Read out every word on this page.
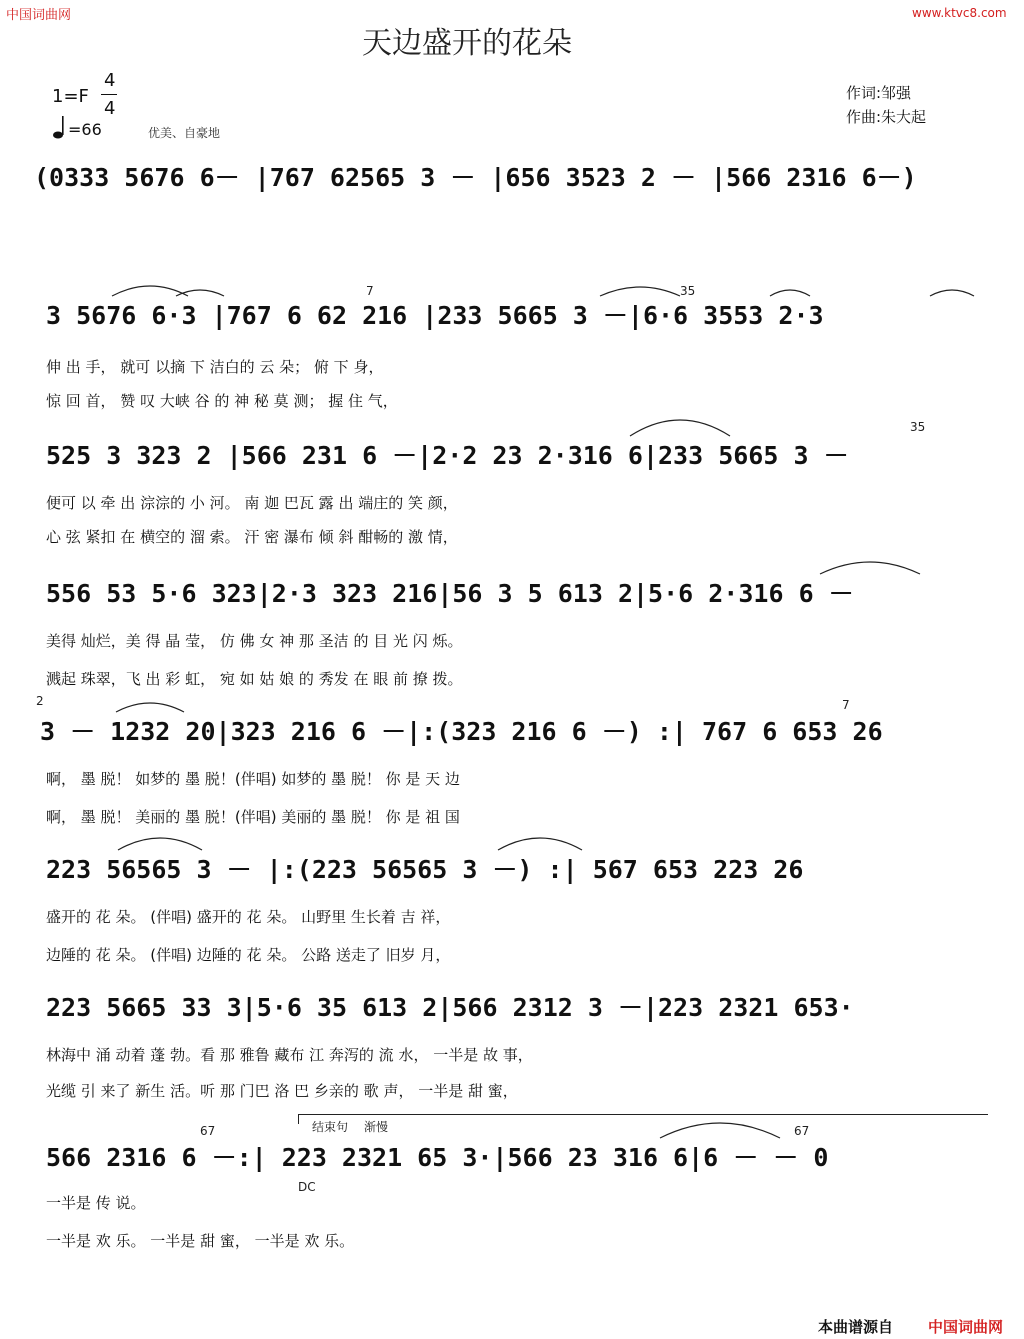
中国词曲网	www.ktvc8.com
天边盛开的花朵
1=F
4
4
=66	优美、自豪地
作词:邹强
作曲:朱大起
(0333 5676 6－ |767 62565 3 － |656 3523 2 － |566 2316 6－)
3 5676 6·3 |767 6 62 216 |233 5665 3 －|6·6 3553 2·3
伸 出 手， 就可 以摘 下 洁白的 云 朵； 俯 下 身，
惊 回 首， 赞 叹 大峡 谷 的 神 秘 莫 测； 握 住 气，
525 3 323 2 |566 231 6 －|2·2 23 2·316 6|233 5665 3 －
便可 以 牵 出 淙淙的 小 河。 南 迦 巴瓦 露 出 端庄的 笑 颜，
心 弦 紧扣 在 横空的 溜 索。 汗 密 瀑布 倾 斜 酣畅的 激 情，
556 53 5·6 323|2·3 323 216|56 3 5 613 2|5·6 2·316 6 －
美得 灿烂，美 得 晶 莹， 仿 佛 女 神 那 圣洁 的 目 光 闪 烁。
溅起 珠翠，飞 出 彩 虹， 宛 如 姑 娘 的 秀发 在 眼 前 撩 拨。
3 － 1232 20|323 216 6 －|:(323 216 6 －) :| 767 6 653 26
啊， 墨 脱！ 如梦的 墨 脱！(伴唱) 如梦的 墨 脱！ 你 是 天 边
啊， 墨 脱！ 美丽的 墨 脱！(伴唱) 美丽的 墨 脱！ 你 是 祖 国
223 56565 3 － |:(223 56565 3 －) :| 567 653 223 26
盛开的 花 朵。 (伴唱) 盛开的 花 朵。 山野里 生长着 吉 祥，
边陲的 花 朵。 (伴唱) 边陲的 花 朵。 公路 送走了 旧岁 月，
223 5665 33 3|5·6 35 613 2|566 2312 3 －|223 2321 653·
林海中 涌 动着 蓬 勃。看 那 雅鲁 藏布 江 奔泻的 流 水， 一半是 故 事，
光缆 引 来了 新生 活。听 那 门巴 洛 巴 乡亲的 歌 声， 一半是 甜 蜜，
结束句 渐慢
566 2316 6 －:| 223 2321 65 3·|566 23 316 6|6 － － 0
DC
一半是 传 说。
一半是 欢 乐。 一半是 甜 蜜， 一半是 欢 乐。
7	35
35
2	7
67	67
本曲谱源自 中国词曲网
